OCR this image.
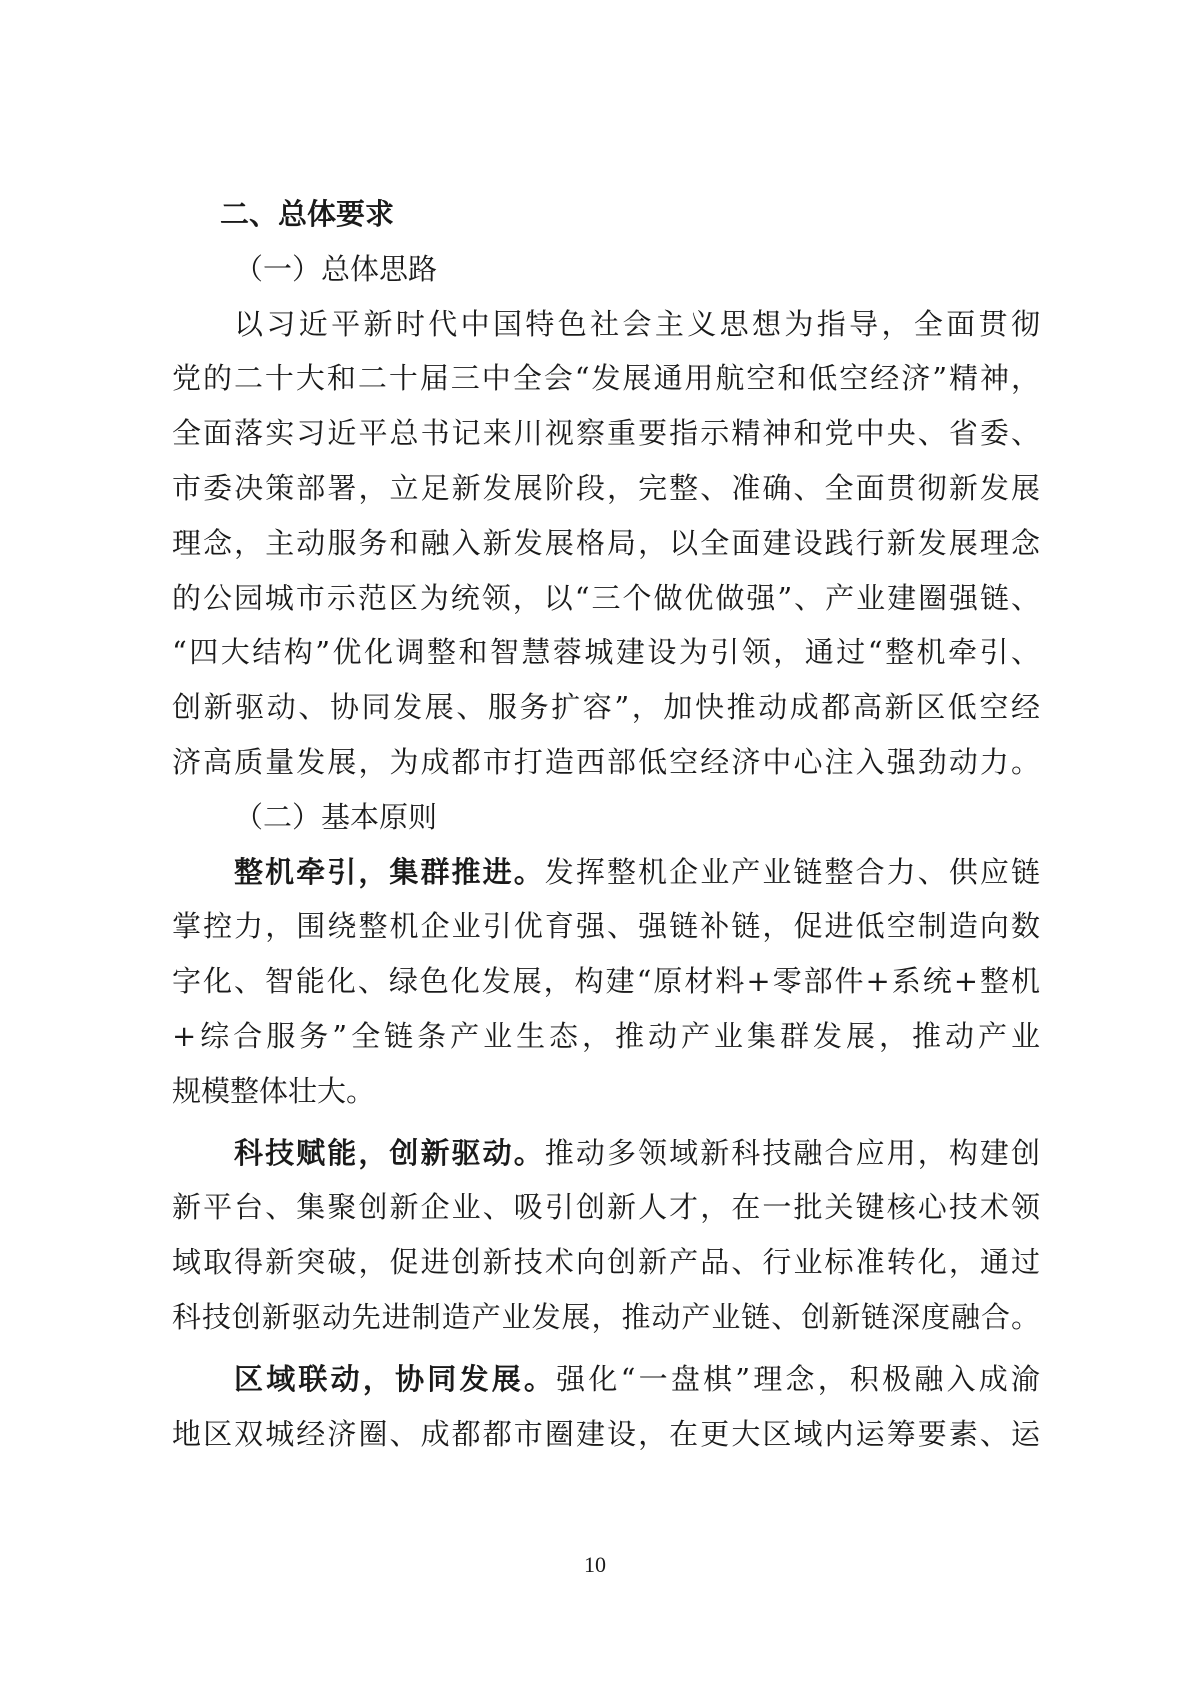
二、总体要求
（一）总体思路
以习近平新时代中国特色社会主义思想为指导，全面贯彻
党的二十大和二十届三中全会“发展通用航空和低空经济”精神，
全面落实习近平总书记来川视察重要指示精神和党中央、省委、
市委决策部署，立足新发展阶段，完整、准确、全面贯彻新发展
理念，主动服务和融入新发展格局，以全面建设践行新发展理念
的公园城市示范区为统领，以“三个做优做强”、产业建圈强链、
“四大结构”优化调整和智慧蓉城建设为引领，通过“整机牵引、
创新驱动、协同发展、服务扩容”，加快推动成都高新区低空经
济高质量发展，为成都市打造西部低空经济中心注入强劲动力。
（二）基本原则
整机牵引，集群推进。发挥整机企业产业链整合力、供应链
掌控力，围绕整机企业引优育强、强链补链，促进低空制造向数
字化、智能化、绿色化发展，构建“原材料+零部件+系统+整机
+综合服务”全链条产业生态，推动产业集群发展，推动产业
规模整体壮大。
科技赋能，创新驱动。推动多领域新科技融合应用，构建创
新平台、集聚创新企业、吸引创新人才，在一批关键核心技术领
域取得新突破，促进创新技术向创新产品、行业标准转化，通过
科技创新驱动先进制造产业发展，推动产业链、创新链深度融合。
区域联动，协同发展。强化“一盘棋”理念，积极融入成渝
地区双城经济圈、成都都市圈建设，在更大区域内运筹要素、运
10
